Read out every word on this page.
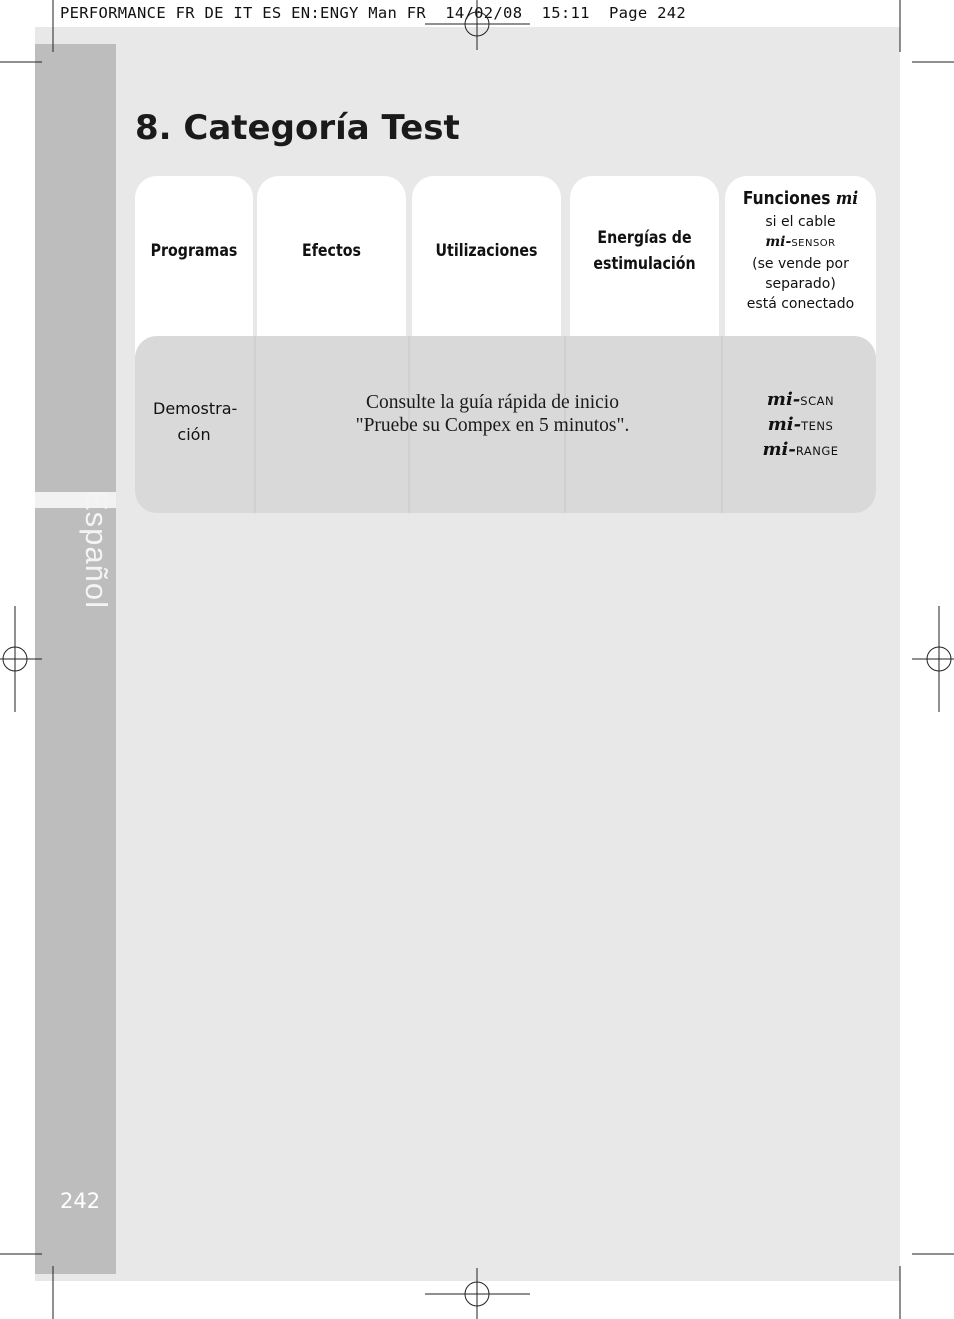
PERFORMANCE FR DE IT ES EN:ENGY Man FR  14/02/08  15:11  Page 242
Español
242
8. Categoría Test
Programas	Efectos	Utilizaciones
Energías de estimulación
Funciones mi
si el cable
mi-SENSOR
(se vende por separado)
está conectado
Demostra-ción
Consulte la guía rápida de inicio
"Pruebe su Compex en 5 minutos".
mi-SCAN
mi-TENS
mi-RANGE
